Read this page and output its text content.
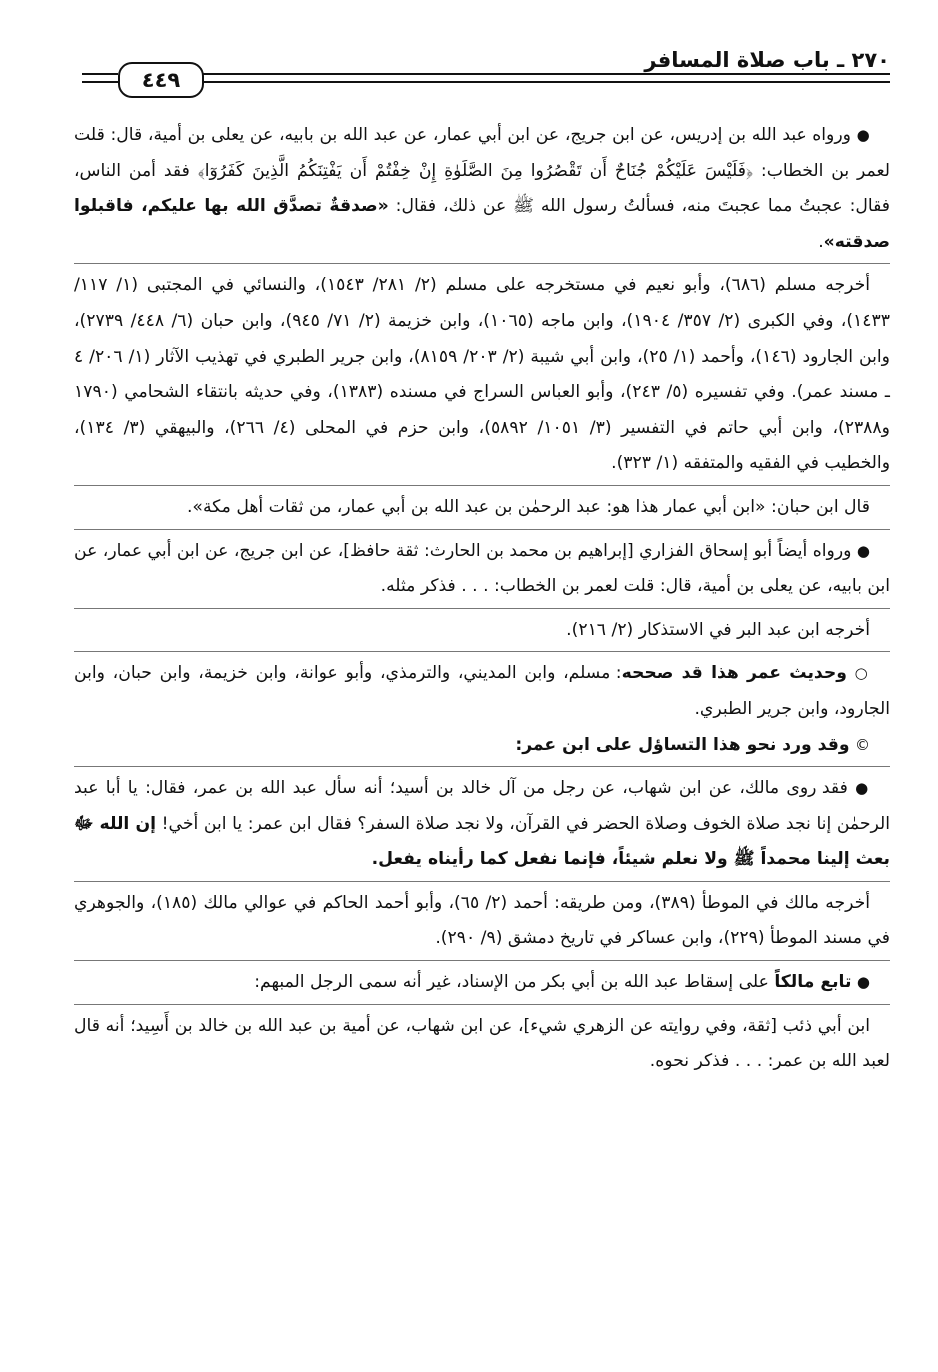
٤٤٩
٢٧٠ ـ باب صلاة المسافر

● ورواه عبد الله بن إدريس، عن ابن جريج، عن ابن أبي عمار، عن عبد الله بن بابيه، عن يعلى بن أمية، قال: قلت لعمر بن الخطاب: ﴿فَلَيْسَ عَلَيْكُمْ جُنَاحٌ أَن تَقْصُرُوا مِنَ الصَّلَوٰةِ إِنْ خِفْتُمْ أَن يَفْتِنَكُمُ الَّذِينَ كَفَرُوٓا﴾ فقد أمن الناس، فقال: عجبتُ مما عجبتَ منه، فسألتُ رسول الله ﷺ عن ذلك، فقال: «صدقةٌ تصدَّق الله بها عليكم، فاقبلوا صدقته».

أخرجه مسلم (٦٨٦)، وأبو نعيم في مستخرجه على مسلم (٢/ ٢٨١/ ١٥٤٣)، والنسائي في المجتبى (١/ ١١٧/ ١٤٣٣)، وفي الكبرى (٢/ ٣٥٧/ ١٩٠٤)، وابن ماجه (١٠٦٥)، وابن خزيمة (٢/ ٧١/ ٩٤٥)، وابن حبان (٦/ ٤٤٨/ ٢٧٣٩)، وابن الجارود (١٤٦)، وأحمد (١/ ٢٥)، وابن أبي شيبة (٢/ ٢٠٣/ ٨١٥٩)، وابن جرير الطبري في تهذيب الآثار (١/ ٢٠٦/ ٤ ـ مسند عمر). وفي تفسيره (٥/ ٢٤٣)، وأبو العباس السراج في مسنده (١٣٨٣)، وفي حديثه بانتقاء الشحامي (١٧٩٠ و٢٣٨٨)، وابن أبي حاتم في التفسير (٣/ ١٠٥١/ ٥٨٩٢)، وابن حزم في المحلى (٤/ ٢٦٦)، والبيهقي (٣/ ١٣٤)، والخطيب في الفقيه والمتفقه (١/ ٣٢٣).

قال ابن حبان: «ابن أبي عمار هذا هو: عبد الرحمٰن بن عبد الله بن أبي عمار، من ثقات أهل مكة».

● ورواه أيضاً أبو إسحاق الفزاري [إبراهيم بن محمد بن الحارث: ثقة حافظ]، عن ابن جريج، عن ابن أبي عمار، عن ابن بابيه، عن يعلى بن أمية، قال: قلت لعمر بن الخطاب: . . . فذكر مثله.

أخرجه ابن عبد البر في الاستذكار (٢/ ٢١٦).

○ وحديث عمر هذا قد صححه: مسلم، وابن المديني، والترمذي، وأبو عوانة، وابن خزيمة، وابن حبان، وابن الجارود، وابن جرير الطبري.

© وقد ورد نحو هذا التساؤل على ابن عمر:

● فقد روى مالك، عن ابن شهاب، عن رجل من آل خالد بن أسيد؛ أنه سأل عبد الله بن عمر، فقال: يا أبا عبد الرحمٰن إنا نجد صلاة الخوف وصلاة الحضر في القرآن، ولا نجد صلاة السفر؟ فقال ابن عمر: يا ابن أخي! إن الله ﷻ بعث إلينا محمداً ﷺ ولا نعلم شيئاً، فإنما نفعل كما رأيناه يفعل.

أخرجه مالك في الموطأ (٣٨٩)، ومن طريقه: أحمد (٢/ ٦٥)، وأبو أحمد الحاكم في عوالي مالك (١٨٥)، والجوهري في مسند الموطأ (٢٢٩)، وابن عساكر في تاريخ دمشق (٩/ ٢٩٠).

● تابع مالكاً على إسقاط عبد الله بن أبي بكر من الإسناد، غير أنه سمى الرجل المبهم:

ابن أبي ذئب [ثقة، وفي روايته عن الزهري شيء]، عن ابن شهاب، عن أمية بن عبد الله بن خالد بن أَسِيد؛ أنه قال لعبد الله بن عمر: . . . فذكر نحوه.
